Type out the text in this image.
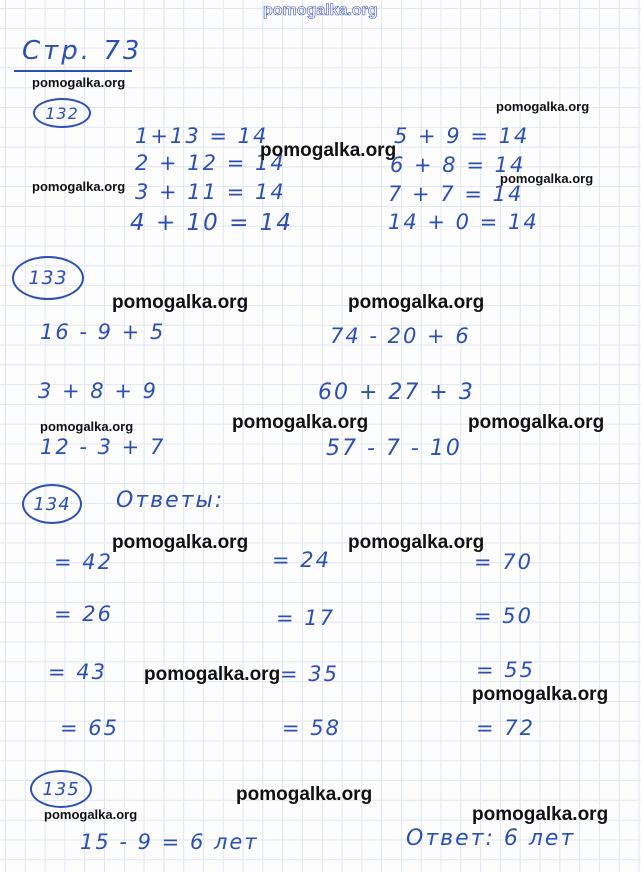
pomogalka.org
Стр. 73
132
1+13 = 14
2 + 12 = 14
3 + 11 = 14
4 + 10 = 14
5 + 9 = 14
6 + 8 = 14
7 + 7 = 14
14 + 0 = 14
133
16 - 9 + 5
3 + 8 + 9
12 - 3 + 7
74 - 20 + 6
60 + 27 + 3
57 - 7 - 10
134	Ответы:
= 42
= 26
= 43
= 65
= 24
= 17
= 35
= 58
= 70
= 50
= 55
= 72
135
15 - 9 = 6 лет	Ответ: 6 лет
pomogalka.org
pomogalka.org
pomogalka.org
pomogalka.org
pomogalka.org
pomogalka.org	pomogalka.org
pomogalka.org	pomogalka.org	pomogalka.org
pomogalka.org	pomogalka.org
pomogalka.org
pomogalka.org
pomogalka.org
pomogalka.org	pomogalka.org
